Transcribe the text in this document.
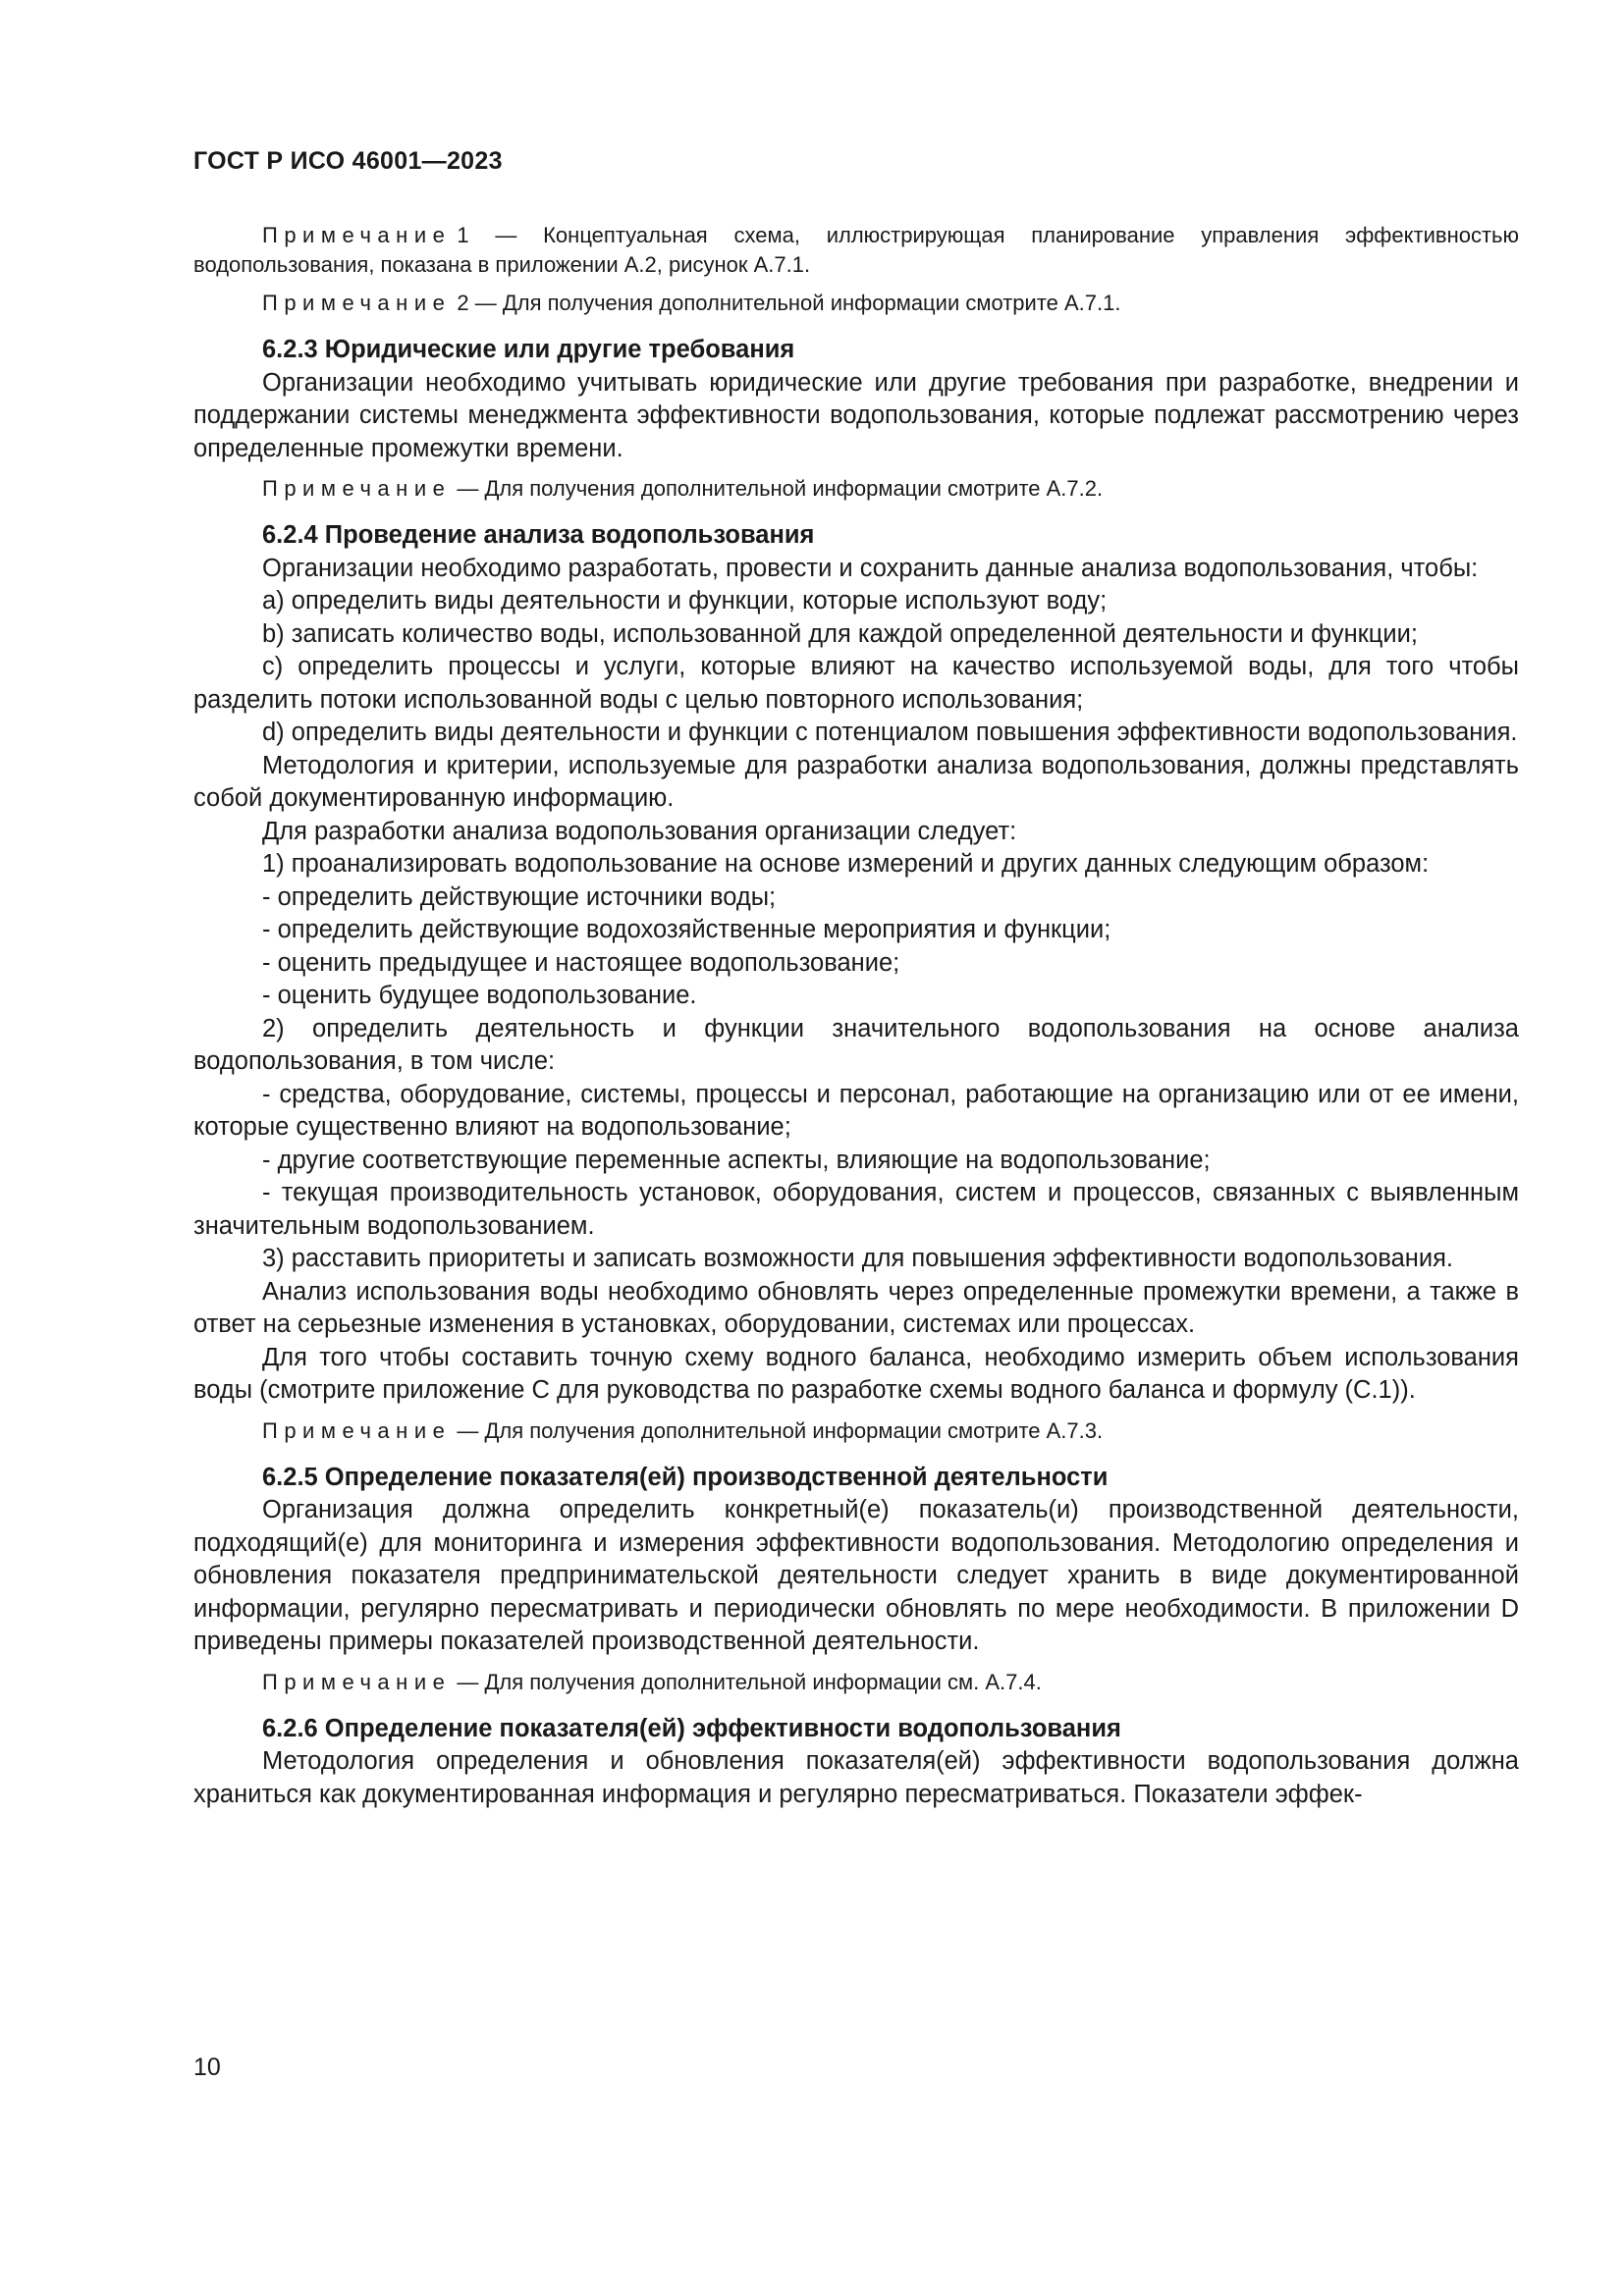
ГОСТ Р ИСО 46001—2023

Примечание 1 — Концептуальная схема, иллюстрирующая планирование управления эффективностью водопользования, показана в приложении А.2, рисунок А.7.1.

Примечание 2 — Для получения дополнительной информации смотрите А.7.1.

6.2.3 Юридические или другие требования

Организации необходимо учитывать юридические или другие требования при разработке, внедрении и поддержании системы менеджмента эффективности водопользования, которые подлежат рассмотрению через определенные промежутки времени.

Примечание — Для получения дополнительной информации смотрите А.7.2.

6.2.4 Проведение анализа водопользования

Организации необходимо разработать, провести и сохранить данные анализа водопользования, чтобы:

a) определить виды деятельности и функции, которые используют воду;

b) записать количество воды, использованной для каждой определенной деятельности и функции;

c) определить процессы и услуги, которые влияют на качество используемой воды, для того чтобы разделить потоки использованной воды с целью повторного использования;

d) определить виды деятельности и функции с потенциалом повышения эффективности водопользования.

Методология и критерии, используемые для разработки анализа водопользования, должны представлять собой документированную информацию.

Для разработки анализа водопользования организации следует:

1) проанализировать водопользование на основе измерений и других данных следующим образом:

- определить действующие источники воды;

- определить действующие водохозяйственные мероприятия и функции;

- оценить предыдущее и настоящее водопользование;

- оценить будущее водопользование.

2) определить деятельность и функции значительного водопользования на основе анализа водопользования, в том числе:

- средства, оборудование, системы, процессы и персонал, работающие на организацию или от ее имени, которые существенно влияют на водопользование;

- другие соответствующие переменные аспекты, влияющие на водопользование;

- текущая производительность установок, оборудования, систем и процессов, связанных с выявленным значительным водопользованием.

3) расставить приоритеты и записать возможности для повышения эффективности водопользования.

Анализ использования воды необходимо обновлять через определенные промежутки времени, а также в ответ на серьезные изменения в установках, оборудовании, системах или процессах.

Для того чтобы составить точную схему водного баланса, необходимо измерить объем использования воды (смотрите приложение С для руководства по разработке схемы водного баланса и формулу (С.1)).

Примечание — Для получения дополнительной информации смотрите А.7.3.

6.2.5 Определение показателя(ей) производственной деятельности

Организация должна определить конкретный(е) показатель(и) производственной деятельности, подходящий(е) для мониторинга и измерения эффективности водопользования. Методологию определения и обновления показателя предпринимательской деятельности следует хранить в виде документированной информации, регулярно пересматривать и периодически обновлять по мере необходимости. В приложении D приведены примеры показателей производственной деятельности.

Примечание — Для получения дополнительной информации см. А.7.4.

6.2.6 Определение показателя(ей) эффективности водопользования

Методология определения и обновления показателя(ей) эффективности водопользования должна храниться как документированная информация и регулярно пересматриваться. Показатели эффек-

10
